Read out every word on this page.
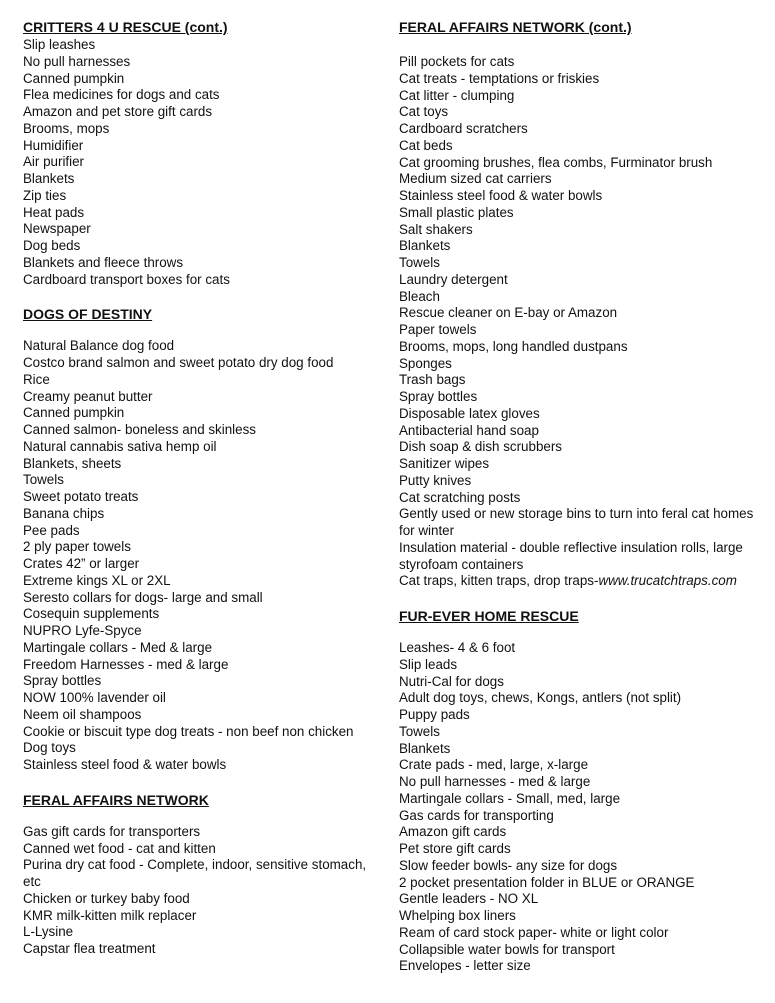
CRITTERS 4 U RESCUE (cont.)
Slip leashes
No pull harnesses
Canned pumpkin
Flea medicines for dogs and cats
Amazon and pet store gift cards
Brooms, mops
Humidifier
Air purifier
Blankets
Zip ties
Heat pads
Newspaper
Dog beds
Blankets and fleece throws
Cardboard transport boxes for cats
DOGS OF DESTINY
Natural Balance dog food
Costco brand salmon and sweet potato dry dog food
Rice
Creamy peanut butter
Canned pumpkin
Canned salmon- boneless and skinless
Natural cannabis sativa hemp oil
Blankets, sheets
Towels
Sweet potato treats
Banana chips
Pee pads
2 ply paper towels
Crates 42” or larger
Extreme kings XL or 2XL
Seresto collars for dogs- large and small
Cosequin supplements
NUPRO Lyfe-Spyce
Martingale collars - Med & large
Freedom Harnesses - med & large
Spray bottles
NOW 100% lavender oil
Neem oil shampoos
Cookie or biscuit type dog treats - non beef non chicken
Dog toys
Stainless steel food & water bowls
FERAL AFFAIRS NETWORK
Gas gift cards for transporters
Canned wet food - cat and kitten
Purina dry cat food - Complete, indoor, sensitive stomach, etc
Chicken or turkey baby food
KMR milk-kitten milk replacer
L-Lysine
Capstar flea treatment
FERAL AFFAIRS NETWORK (cont.)
Pill pockets for cats
Cat treats - temptations or friskies
Cat litter - clumping
Cat toys
Cardboard scratchers
Cat beds
Cat grooming brushes, flea combs, Furminator brush
Medium sized cat carriers
Stainless steel food & water bowls
Small plastic plates
Salt shakers
Blankets
Towels
Laundry detergent
Bleach
Rescue cleaner on E-bay or Amazon
Paper towels
Brooms, mops, long handled dustpans
Sponges
Trash bags
Spray bottles
Disposable latex gloves
Antibacterial hand soap
Dish soap & dish scrubbers
Sanitizer wipes
Putty knives
Cat scratching posts
Gently used or new storage bins to turn into feral cat homes for winter
Insulation material - double reflective insulation rolls, large styrofoam containers
Cat traps, kitten traps, drop traps-www.trucatchtraps.com
FUR-EVER HOME RESCUE
Leashes- 4 & 6 foot
Slip leads
Nutri-Cal for dogs
Adult dog toys, chews, Kongs, antlers (not split)
Puppy pads
Towels
Blankets
Crate pads - med, large, x-large
No pull harnesses - med & large
Martingale collars - Small, med, large
Gas cards for transporting
Amazon gift cards
Pet store gift cards
Slow feeder bowls- any size for dogs
2 pocket presentation folder in BLUE or ORANGE
Gentle leaders - NO XL
Whelping box liners
Ream of card stock paper- white or light color
Collapsible water bowls for transport
Envelopes - letter size
